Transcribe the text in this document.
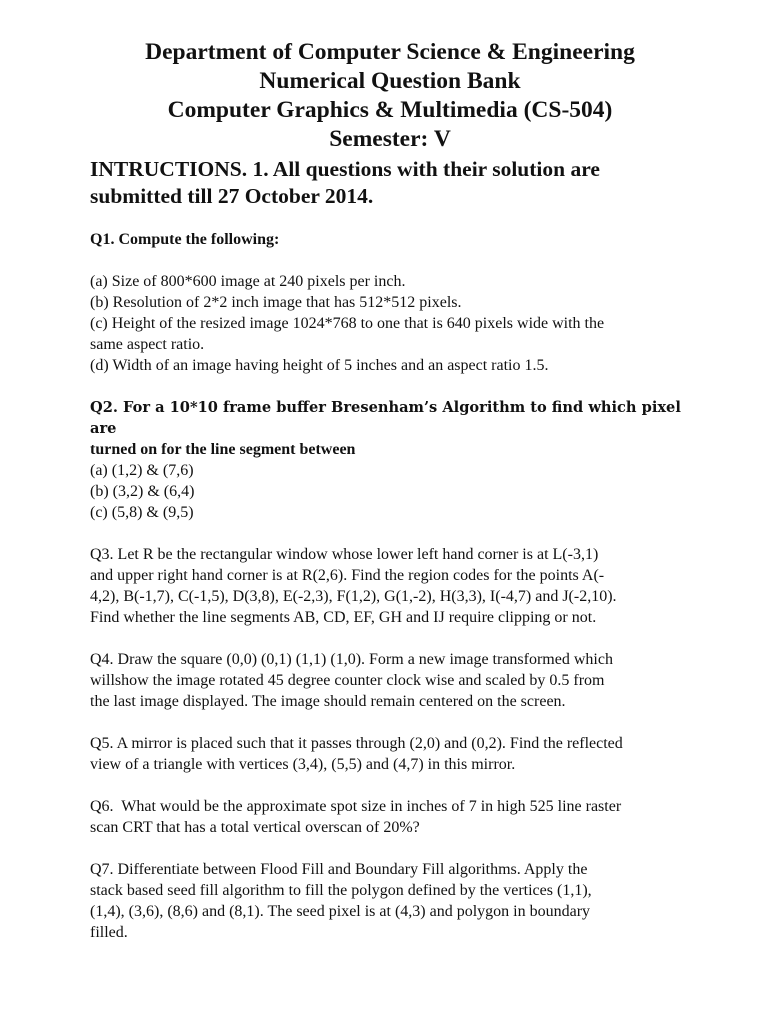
Department of Computer Science & Engineering
Numerical Question Bank
Computer Graphics & Multimedia (CS-504)
Semester: V
INTRUCTIONS. 1. All questions with their solution are
submitted till 27 October 2014.
Q1. Compute the following:
(a) Size of 800*600 image at 240 pixels per inch.
(b) Resolution of 2*2 inch image that has 512*512 pixels.
(c) Height of the resized image 1024*768 to one that is 640 pixels wide with the
same aspect ratio.
(d) Width of an image having height of 5 inches and an aspect ratio 1.5.
Q2. For a 10*10 frame buffer Bresenham’s Algorithm to find which pixel are
turned on for the line segment between
(a) (1,2) & (7,6)
(b) (3,2) & (6,4)
(c) (5,8) & (9,5)
Q3. Let R be the rectangular window whose lower left hand corner is at L(-3,1)
and upper right hand corner is at R(2,6). Find the region codes for the points A(-
4,2), B(-1,7), C(-1,5), D(3,8), E(-2,3), F(1,2), G(1,-2), H(3,3), I(-4,7) and J(-2,10).
Find whether the line segments AB, CD, EF, GH and IJ require clipping or not.
Q4. Draw the square (0,0) (0,1) (1,1) (1,0). Form a new image transformed which
willshow the image rotated 45 degree counter clock wise and scaled by 0.5 from
the last image displayed. The image should remain centered on the screen.
Q5. A mirror is placed such that it passes through (2,0) and (0,2). Find the reflected
view of a triangle with vertices (3,4), (5,5) and (4,7) in this mirror.
Q6.  What would be the approximate spot size in inches of 7 in high 525 line raster
scan CRT that has a total vertical overscan of 20%?
Q7. Differentiate between Flood Fill and Boundary Fill algorithms. Apply the
stack based seed fill algorithm to fill the polygon defined by the vertices (1,1),
(1,4), (3,6), (8,6) and (8,1). The seed pixel is at (4,3) and polygon in boundary
filled.
